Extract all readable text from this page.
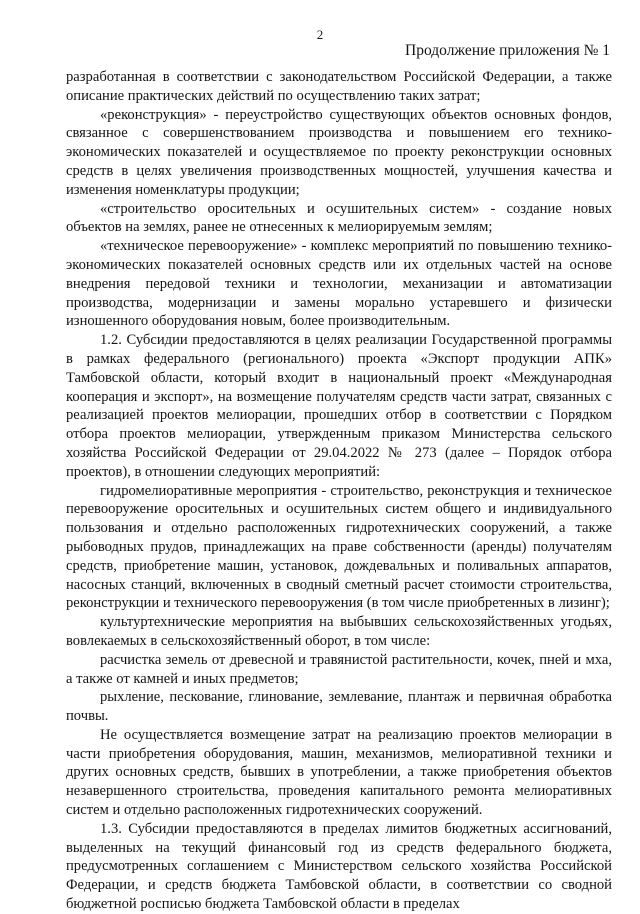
2
Продолжение приложения № 1

разработанная в соответствии с законодательством Российской Федерации, а также описание практических действий по осуществлению таких затрат;

«реконструкция» - переустройство существующих объектов основных фондов, связанное с совершенствованием производства и повышением его технико-экономических показателей и осуществляемое по проекту реконструкции основных средств в целях увеличения производственных мощностей, улучшения качества и изменения номенклатуры продукции;

«строительство оросительных и осушительных систем» - создание новых объектов на землях, ранее не отнесенных к мелиорируемым землям;

«техническое перевооружение» - комплекс мероприятий по повышению технико-экономических показателей основных средств или их отдельных частей на основе внедрения передовой техники и технологии, механизации и автоматизации производства, модернизации и замены морально устаревшего и физически изношенного оборудования новым, более производительным.

1.2. Субсидии предоставляются в целях реализации Государственной программы в рамках федерального (регионального) проекта «Экспорт продукции АПК» Тамбовской области, который входит в национальный проект «Международная кооперация и экспорт», на возмещение получателям средств части затрат, связанных с реализацией проектов мелиорации, прошедших отбор в соответствии с Порядком отбора проектов мелиорации, утвержденным приказом Министерства сельского хозяйства Российской Федерации от 29.04.2022 № 273 (далее – Порядок отбора проектов), в отношении следующих мероприятий:

гидромелиоративные мероприятия - строительство, реконструкция и техническое перевооружение оросительных и осушительных систем общего и индивидуального пользования и отдельно расположенных гидротехнических сооружений, а также рыбоводных прудов, принадлежащих на праве собственности (аренды) получателям средств, приобретение машин, установок, дождевальных и поливальных аппаратов, насосных станций, включенных в сводный сметный расчет стоимости строительства, реконструкции и технического перевооружения (в том числе приобретенных в лизинг);

культуртехнические мероприятия на выбывших сельскохозяйственных угодьях, вовлекаемых в сельскохозяйственный оборот, в том числе:

расчистка земель от древесной и травянистой растительности, кочек, пней и мха, а также от камней и иных предметов;

рыхление, пескование, глинование, землевание, плантаж и первичная обработка почвы.

Не осуществляется возмещение затрат на реализацию проектов мелиорации в части приобретения оборудования, машин, механизмов, мелиоративной техники и других основных средств, бывших в употреблении, а также приобретения объектов незавершенного строительства, проведения капитального ремонта мелиоративных систем и отдельно расположенных гидротехнических сооружений.

1.3. Субсидии предоставляются в пределах лимитов бюджетных ассигнований, выделенных на текущий финансовый год из средств федерального бюджета, предусмотренных соглашением с Министерством сельского хозяйства Российской Федерации, и средств бюджета Тамбовской области, в соответствии со сводной бюджетной росписью бюджета Тамбовской области в пределах
